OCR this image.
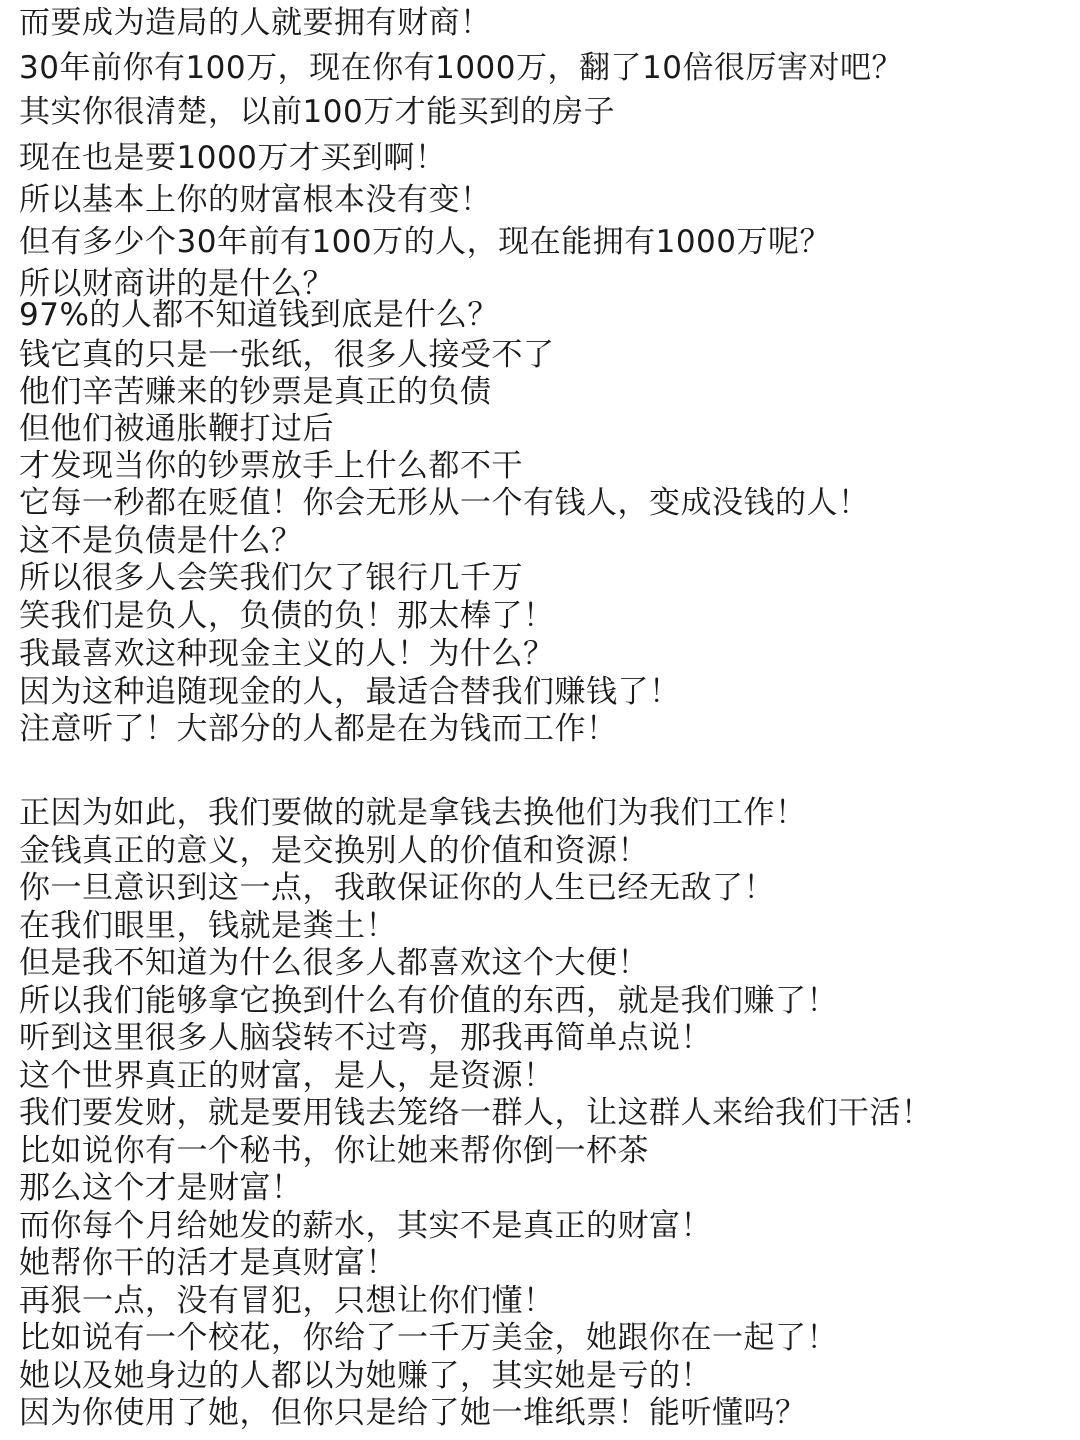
而要成为造局的人就要拥有财商！
30年前你有100万，现在你有1000万，翻了10倍很厉害对吧？
其实你很清楚，以前100万才能买到的房子
现在也是要1000万才买到啊！
所以基本上你的财富根本没有变！
但有多少个30年前有100万的人，现在能拥有1000万呢？
所以财商讲的是什么？
97%的人都不知道钱到底是什么？
钱它真的只是一张纸，很多人接受不了
他们辛苦赚来的钞票是真正的负债
但他们被通胀鞭打过后
才发现当你的钞票放手上什么都不干
它每一秒都在贬值！你会无形从一个有钱人，变成没钱的人！
这不是负债是什么？
所以很多人会笑我们欠了银行几千万
笑我们是负人，负债的负！那太棒了！
我最喜欢这种现金主义的人！为什么？
因为这种追随现金的人，最适合替我们赚钱了！
注意听了！大部分的人都是在为钱而工作！
正因为如此，我们要做的就是拿钱去换他们为我们工作！
金钱真正的意义，是交换别人的价值和资源！
你一旦意识到这一点，我敢保证你的人生已经无敌了！
在我们眼里，钱就是粪土！
但是我不知道为什么很多人都喜欢这个大便！
所以我们能够拿它换到什么有价值的东西，就是我们赚了！
听到这里很多人脑袋转不过弯，那我再简单点说！
这个世界真正的财富，是人，是资源！
我们要发财，就是要用钱去笼络一群人，让这群人来给我们干活！
比如说你有一个秘书，你让她来帮你倒一杯茶
那么这个才是财富！
而你每个月给她发的薪水，其实不是真正的财富！
她帮你干的活才是真财富！
再狠一点，没有冒犯，只想让你们懂！
比如说有一个校花，你给了一千万美金，她跟你在一起了！
她以及她身边的人都以为她赚了，其实她是亏的！
因为你使用了她，但你只是给了她一堆纸票！能听懂吗？
